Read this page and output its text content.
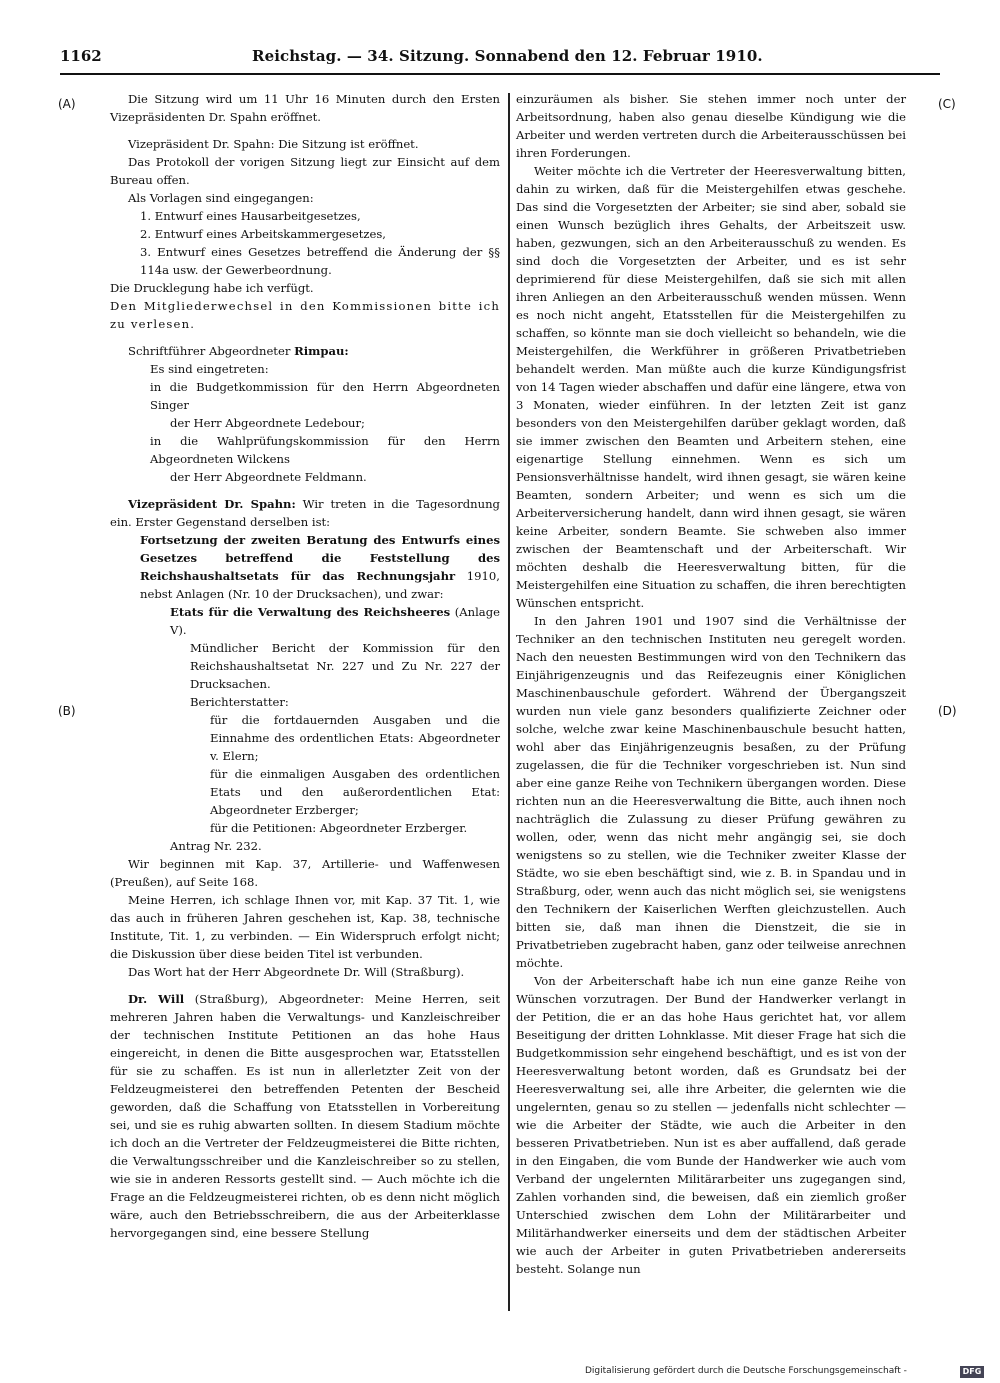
1162	Reichstag. — 34. Sitzung. Sonnabend den 12. Februar 1910.
(A)
(B)
(C)
(D)

Die Sitzung wird um 11 Uhr 16 Minuten durch den Ersten Vizepräsidenten Dr. Spahn eröffnet.

Vizepräsident Dr. Spahn: Die Sitzung ist eröffnet.

Das Protokoll der vorigen Sitzung liegt zur Einsicht auf dem Bureau offen.

Als Vorlagen sind eingegangen:

1. Entwurf eines Hausarbeitgesetzes,

2. Entwurf eines Arbeitskammergesetzes,

3. Entwurf eines Gesetzes betreffend die Änderung der §§ 114a usw. der Gewerbeordnung.

Die Drucklegung habe ich verfügt.

Den Mitgliederwechsel in den Kommissionen bitte ich zu verlesen.

Schriftführer Abgeordneter Rimpau:

Es sind eingetreten:

in die Budgetkommission für den Herrn Abgeordneten Singer

der Herr Abgeordnete Ledebour;

in die Wahlprüfungskommission für den Herrn Abgeordneten Wilckens

der Herr Abgeordnete Feldmann.

Vizepräsident Dr. Spahn: Wir treten in die Tagesordnung ein. Erster Gegenstand derselben ist:

Fortsetzung der zweiten Beratung des Entwurfs eines Gesetzes betreffend die Feststellung des Reichshaushaltsetats für das Rechnungsjahr 1910, nebst Anlagen (Nr. 10 der Drucksachen), und zwar:

Etats für die Verwaltung des Reichsheeres (Anlage V).

Mündlicher Bericht der Kommission für den Reichshaushaltsetat Nr. 227 und Zu Nr. 227 der Drucksachen.

Berichterstatter:

für die fortdauernden Ausgaben und die Einnahme des ordentlichen Etats: Abgeordneter v. Elern;

für die einmaligen Ausgaben des ordentlichen Etats und den außerordentlichen Etat: Abgeordneter Erzberger;

für die Petitionen: Abgeordneter Erzberger.

Antrag Nr. 232.

Wir beginnen mit Kap. 37, Artillerie- und Waffenwesen (Preußen), auf Seite 168.

Meine Herren, ich schlage Ihnen vor, mit Kap. 37 Tit. 1, wie das auch in früheren Jahren geschehen ist, Kap. 38, technische Institute, Tit. 1, zu verbinden. — Ein Widerspruch erfolgt nicht; die Diskussion über diese beiden Titel ist verbunden.

Das Wort hat der Herr Abgeordnete Dr. Will (Straßburg).

Dr. Will (Straßburg), Abgeordneter: Meine Herren, seit mehreren Jahren haben die Verwaltungs- und Kanzleischreiber der technischen Institute Petitionen an das hohe Haus eingereicht, in denen die Bitte ausgesprochen war, Etatsstellen für sie zu schaffen. Es ist nun in allerletzter Zeit von der Feldzeugmeisterei den betreffenden Petenten der Bescheid geworden, daß die Schaffung von Etatsstellen in Vorbereitung sei, und sie es ruhig abwarten sollten. In diesem Stadium möchte ich doch an die Vertreter der Feldzeugmeisterei die Bitte richten, die Verwaltungsschreiber und die Kanzleischreiber so zu stellen, wie sie in anderen Ressorts gestellt sind. — Auch möchte ich die Frage an die Feldzeugmeisterei richten, ob es denn nicht möglich wäre, auch den Betriebsschreibern, die aus der Arbeiterklasse hervorgegangen sind, eine bessere Stellung

einzuräumen als bisher. Sie stehen immer noch unter der Arbeitsordnung, haben also genau dieselbe Kündigung wie die Arbeiter und werden vertreten durch die Arbeiterausschüssen bei ihren Forderungen.

Weiter möchte ich die Vertreter der Heeresverwaltung bitten, dahin zu wirken, daß für die Meistergehilfen etwas geschehe. Das sind die Vorgesetzten der Arbeiter; sie sind aber, sobald sie einen Wunsch bezüglich ihres Gehalts, der Arbeitszeit usw. haben, gezwungen, sich an den Arbeiterausschuß zu wenden. Es sind doch die Vorgesetzten der Arbeiter, und es ist sehr deprimierend für diese Meistergehilfen, daß sie sich mit allen ihren Anliegen an den Arbeiterausschuß wenden müssen. Wenn es noch nicht angeht, Etatsstellen für die Meistergehilfen zu schaffen, so könnte man sie doch vielleicht so behandeln, wie die Meistergehilfen, die Werkführer in größeren Privatbetrieben behandelt werden. Man müßte auch die kurze Kündigungsfrist von 14 Tagen wieder abschaffen und dafür eine längere, etwa von 3 Monaten, wieder einführen. In der letzten Zeit ist ganz besonders von den Meistergehilfen darüber geklagt worden, daß sie immer zwischen den Beamten und Arbeitern stehen, eine eigenartige Stellung einnehmen. Wenn es sich um Pensionsverhältnisse handelt, wird ihnen gesagt, sie wären keine Beamten, sondern Arbeiter; und wenn es sich um die Arbeiterversicherung handelt, dann wird ihnen gesagt, sie wären keine Arbeiter, sondern Beamte. Sie schweben also immer zwischen der Beamtenschaft und der Arbeiterschaft. Wir möchten deshalb die Heeresverwaltung bitten, für die Meistergehilfen eine Situation zu schaffen, die ihren berechtigten Wünschen entspricht.

In den Jahren 1901 und 1907 sind die Verhältnisse der Techniker an den technischen Instituten neu geregelt worden. Nach den neuesten Bestimmungen wird von den Technikern das Einjährigenzeugnis und das Reifezeugnis einer Königlichen Maschinenbauschule gefordert. Während der Übergangszeit wurden nun viele ganz besonders qualifizierte Zeichner oder solche, welche zwar keine Maschinenbauschule besucht hatten, wohl aber das Einjährigenzeugnis besaßen, zu der Prüfung zugelassen, die für die Techniker vorgeschrieben ist. Nun sind aber eine ganze Reihe von Technikern übergangen worden. Diese richten nun an die Heeresverwaltung die Bitte, auch ihnen noch nachträglich die Zulassung zu dieser Prüfung gewähren zu wollen, oder, wenn das nicht mehr angängig sei, sie doch wenigstens so zu stellen, wie die Techniker zweiter Klasse der Städte, wo sie eben beschäftigt sind, wie z. B. in Spandau und in Straßburg, oder, wenn auch das nicht möglich sei, sie wenigstens den Technikern der Kaiserlichen Werften gleichzustellen. Auch bitten sie, daß man ihnen die Dienstzeit, die sie in Privatbetrieben zugebracht haben, ganz oder teilweise anrechnen möchte.

Von der Arbeiterschaft habe ich nun eine ganze Reihe von Wünschen vorzutragen. Der Bund der Handwerker verlangt in der Petition, die er an das hohe Haus gerichtet hat, vor allem Beseitigung der dritten Lohnklasse. Mit dieser Frage hat sich die Budgetkommission sehr eingehend beschäftigt, und es ist von der Heeresverwaltung betont worden, daß es Grundsatz bei der Heeresverwaltung sei, alle ihre Arbeiter, die gelernten wie die ungelernten, genau so zu stellen — jedenfalls nicht schlechter — wie die Arbeiter der Städte, wie auch die Arbeiter in den besseren Privatbetrieben. Nun ist es aber auffallend, daß gerade in den Eingaben, die vom Bunde der Handwerker wie auch vom Verband der ungelernten Militärarbeiter uns zugegangen sind, Zahlen vorhanden sind, die beweisen, daß ein ziemlich großer Unterschied zwischen dem Lohn der Militärarbeiter und Militärhandwerker einerseits und dem der städtischen Arbeiter wie auch der Arbeiter in guten Privatbetrieben andererseits besteht. Solange nun

Digitalisierung gefördert durch die Deutsche Forschungsgemeinschaft -	DFG
